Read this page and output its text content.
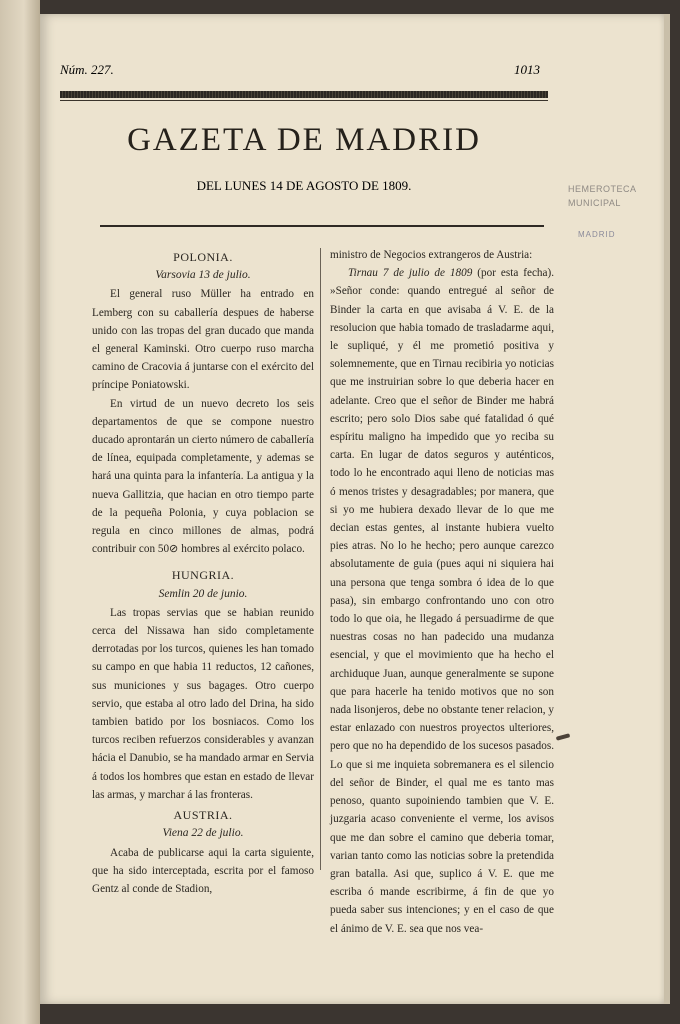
Núm. 227.	1013
GAZETA DE MADRID
DEL LUNES 14 DE AGOSTO DE 1809.	HEMEROTECA
MUNICIPAL
MADRID

POLONIA.

Varsovia 13 de julio.

El general ruso Müller ha entrado en Lemberg con su caballería despues de haberse unido con las tropas del gran ducado que manda el general Kaminski. Otro cuerpo ruso marcha camino de Cracovia á juntarse con el exército del príncipe Poniatowski.

En virtud de un nuevo decreto los seis departamentos de que se compone nuestro ducado aprontarán un cierto número de caballería de línea, equipada completamente, y ademas se hará una quinta para la infantería. La antigua y la nueva Gallitzia, que hacian en otro tiempo parte de la pequeña Polonia, y cuya poblacion se regula en cinco millones de almas, podrá contribuir con 50⊘ hombres al exército polaco.

HUNGRIA.

Semlin 20 de junio.

Las tropas servias que se habian reunido cerca del Nissawa han sido completamente derrotadas por los turcos, quienes les han tomado su campo en que habia 11 reductos, 12 cañones, sus municiones y sus bagages. Otro cuerpo servio, que estaba al otro lado del Drina, ha sido tambien batido por los bosniacos. Como los turcos reciben refuerzos considerables y avanzan hácia el Danubio, se ha mandado armar en Servia á todos los hombres que estan en estado de llevar las armas, y marchar á las fronteras.

AUSTRIA.

Viena 22 de julio.

Acaba de publicarse aqui la carta siguiente, que ha sido interceptada, escrita por el famoso Gentz al conde de Stadion,

ministro de Negocios extrangeros de Austria:

Tirnau 7 de julio de 1809 (por esta fecha). »Señor conde: quando entregué al señor de Binder la carta en que avisaba á V. E. de la resolucion que habia tomado de trasladarme aqui, le supliqué, y él me prometió positiva y solemnemente, que en Tirnau recibiria yo noticias que me instruirian sobre lo que deberia hacer en adelante. Creo que el señor de Binder me habrá escrito; pero solo Dios sabe qué fatalidad ó qué espíritu maligno ha impedido que yo reciba su carta. En lugar de datos seguros y auténticos, todo lo he encontrado aqui lleno de noticias mas ó menos tristes y desagradables; por manera, que si yo me hubiera dexado llevar de lo que me decian estas gentes, al instante hubiera vuelto pies atras. No lo he hecho; pero aunque carezco absolutamente de guia (pues aqui ni siquiera hai una persona que tenga sombra ó idea de lo que pasa), sin embargo confrontando uno con otro todo lo que oia, he llegado á persuadirme de que nuestras cosas no han padecido una mudanza esencial, y que el movimiento que ha hecho el archiduque Juan, aunque generalmente se supone que para hacerle ha tenido motivos que no son nada lisonjeros, debe no obstante tener relacion, y estar enlazado con nuestros proyectos ulteriores, pero que no ha dependido de los sucesos pasados. Lo que si me inquieta sobremanera es el silencio del señor de Binder, el qual me es tanto mas penoso, quanto supoiniendo tambien que V. E. juzgaria acaso conveniente el verme, los avisos que me dan sobre el camino que deberia tomar, varian tanto como las noticias sobre la pretendida gran batalla. Asi que, suplico á V. E. que me escriba ó mande escribirme, á fin de que yo pueda saber sus intenciones; y en el caso de que el ánimo de V. E. sea que nos vea-
